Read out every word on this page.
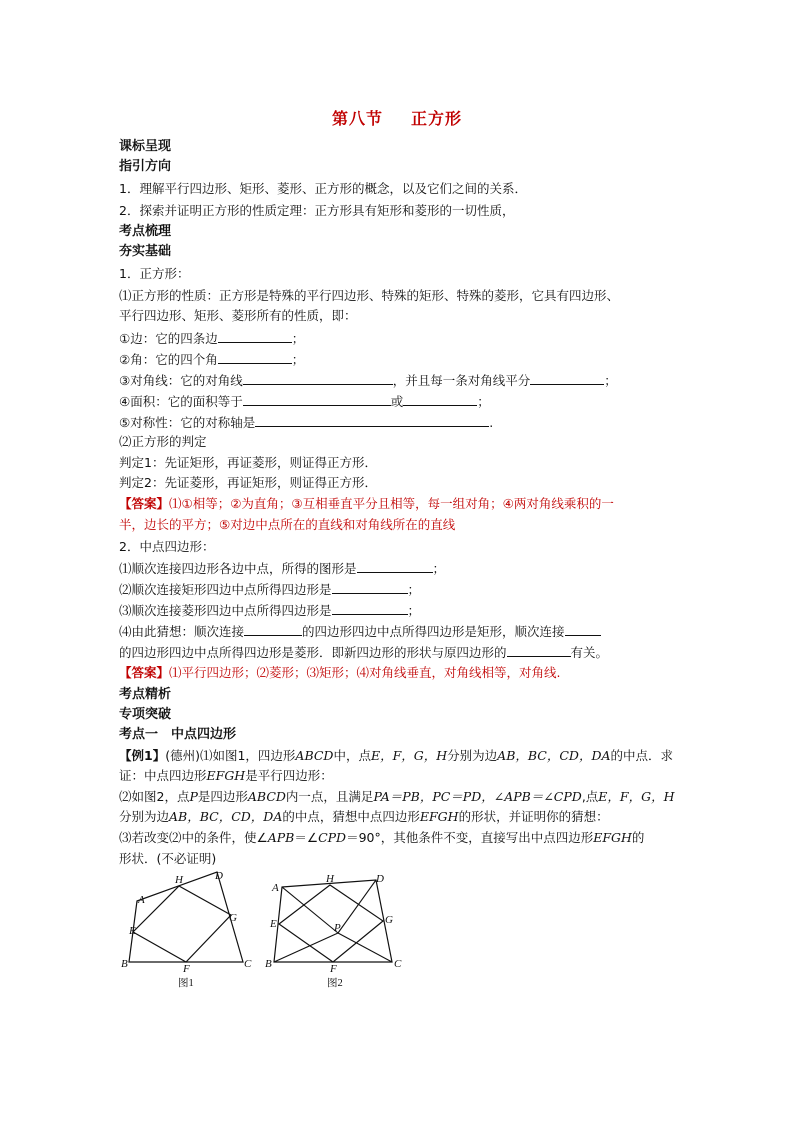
第八节 正方形
课标呈现
指引方向
1．理解平行四边形、矩形、菱形、正方形的概念，以及它们之间的关系．
2．探索并证明正方形的性质定理：正方形具有矩形和菱形的一切性质，
考点梳理
夯实基础
1．正方形：
⑴正方形的性质：正方形是特殊的平行四边形、特殊的矩形、特殊的菱形，它具有四边形、
平行四边形、矩形、菱形所有的性质，即：
①边：它的四条边	；
②角：它的四个角	；
③对角线：它的对角线	，并且每一条对角线平分	；
④面积：它的面积等于	或	；
⑤对称性：它的对称轴是	.
⑵正方形的判定
判定1：先证矩形，再证菱形，则证得正方形．
判定2：先证菱形，再证矩形，则证得正方形．
【答案】⑴①相等；②为直角；③互相垂直平分且相等，每一组对角；④两对角线乘积的一
半，边长的平方；⑤对边中点所在的直线和对角线所在的直线
2．中点四边形：
⑴顺次连接四边形各边中点，所得的图形是	；
⑵顺次连接矩形四边中点所得四边形是	；
⑶顺次连接菱形四边中点所得四边形是	；
⑷由此猜想：顺次连接	的四边形四边中点所得四边形是矩形，顺次连接
的四边形四边中点所得四边形是菱形．即新四边形的形状与原四边形的	有关。
【答案】⑴平行四边形；⑵菱形；⑶矩形；⑷对角线垂直，对角线相等，对角线.
考点精析
专项突破
考点一　中点四边形
【例1】(德州)⑴如图1，四边形ABCD中，点E，F，G，H分别为边AB，BC，CD，DA的中点．求
证：中点四边形EFGH是平行四边形：
⑵如图2，点P是四边形ABCD内一点，且满足PA＝PB，PC＝PD，∠APB＝∠CPD,点E，F，G，H
分别为边AB，BC，CD，DA的中点，猜想中点四边形EFGH的形状，并证明你的猜想：
⑶若改变⑵中的条件，使∠APB＝∠CPD＝90°，其他条件不变，直接写出中点四边形EFGH的
形状．(不必证明)
A
B	C
D
E
F
G
H
图1
A
B	C
D
E
F
G
H
P
图2
